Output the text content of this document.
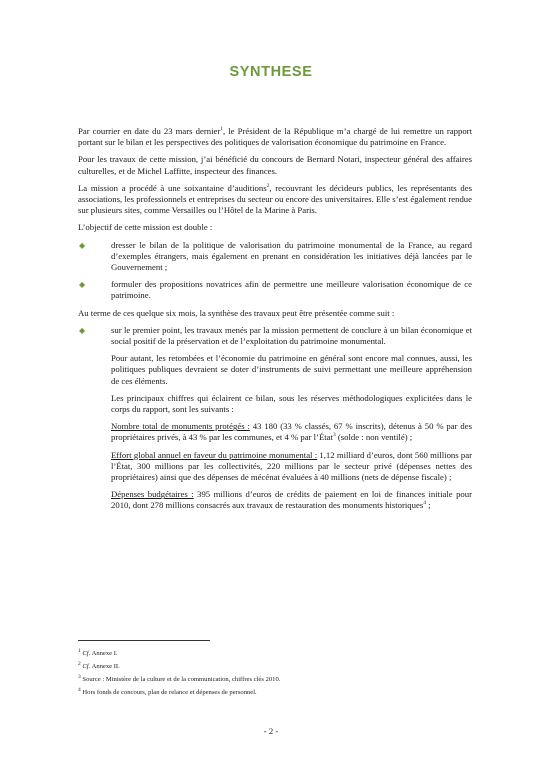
SYNTHESE

Par courrier en date du 23 mars dernier$^1$, le Président de la République m’a chargé de lui remettre un rapport portant sur le bilan et les perspectives des politiques de valorisation économique du patrimoine en France.

Pour les travaux de cette mission, j’ai bénéficié du concours de Bernard Notari, inspecteur général des affaires culturelles, et de Michel Laffitte, inspecteur des finances.

La mission a procédé à une soixantaine d’auditions$^2$, recouvrant les décideurs publics, les représentants des associations, les professionnels et entreprises du secteur ou encore des universitaires. Elle s’est également rendue sur plusieurs sites, comme Versailles ou l’Hôtel de la Marine à Paris.

L’objectif de cette mission est double :

◆	dresser le bilan de la politique de valorisation du patrimoine monumental de la France, au regard d’exemples étrangers, mais également en prenant en considération les initiatives déjà lancées par le Gouvernement ;
◆	formuler des propositions novatrices afin de permettre une meilleure valorisation économique de ce patrimoine.

Au terme de ces quelque six mois, la synthèse des travaux peut être présentée comme suit :

◆	sur le premier point, les travaux menés par la mission permettent de conclure à un bilan économique et social positif de la préservation et de l’exploitation du patrimoine monumental.

Pour autant, les retombées et l’économie du patrimoine en général sont encore mal connues, aussi, les politiques publiques devraient se doter d’instruments de suivi permettant une meilleure appréhension de ces éléments.

Les principaux chiffres qui éclairent ce bilan, sous les réserves méthodologiques explicitées dans le corps du rapport, sont les suivants :

Nombre total de monuments protégés : 43 180 (33 % classés, 67 % inscrits), détenus à 50 % par des propriétaires privés, à 43 % par les communes, et 4 % par l’État$^3$ (solde : non ventilé) ;

Effort global annuel en faveur du patrimoine monumental : 1,12 milliard d’euros, dont 560 millions par l’État, 300 millions par les collectivités, 220 millions par le secteur privé (dépenses nettes des propriétaires) ainsi que des dépenses de mécénat évaluées à 40 millions (nets de dépense fiscale) ;

Dépenses budgétaires : 395 millions d’euros de crédits de paiement en loi de finances initiale pour 2010, dont 278 millions consacrés aux travaux de restauration des monuments historiques$^4$ ;

$^1$ Cf. Annexe I.
$^2$ Cf. Annexe II.
$^3$ Source : Ministère de la culture et de la communication, chiffres clés 2010.
$^4$ Hors fonds de concours, plan de relance et dépenses de personnel.
- 2 -
